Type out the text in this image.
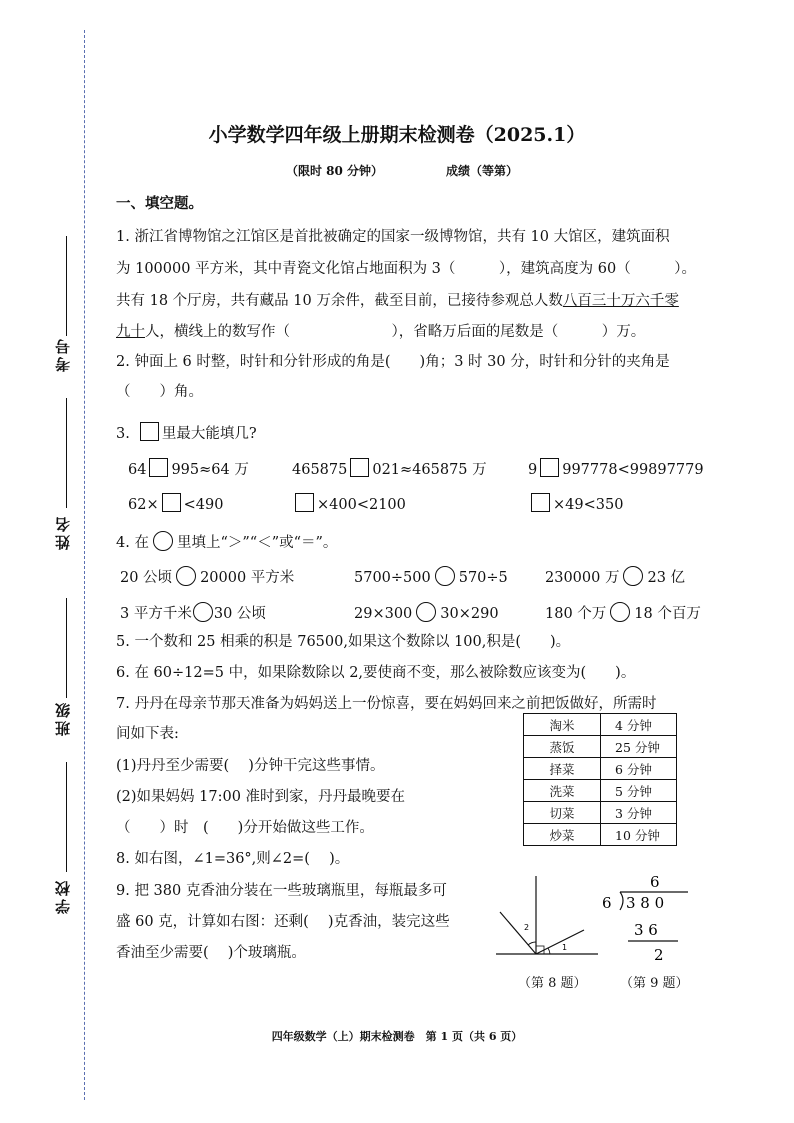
考号
姓名
班级
学校
小学数学四年级上册期末检测卷（2025.1）
（限时 80 分钟）	成绩（等第）
一、填空题。
1. 浙江省博物馆之江馆区是首批被确定的国家一级博物馆，共有 10 大馆区，建筑面积
为 100000 平方米，其中青瓷文化馆占地面积为 3（　　　），建筑高度为 60（　　　）。
共有 18 个厅房，共有藏品 10 万余件，截至目前，已接待参观总人数八百三十万六千零
九十人，横线上的数写作（　　　　　　　），省略万后面的尾数是（　　　）万。
2. 钟面上 6 时整，时针和分针形成的角是(　　)角；3 时 30 分，时针和分针的夹角是
（　　）角。
3. 里最大能填几?
64 995≈64 万	465875 021≈465875 万	9 997778<99897779
62× <490	×400<2100	×49<350
4. 在 里填上“＞”“＜”或“＝”。
20 公顷 20000 平方米	5700÷500 570÷5	230000 万 23 亿
3 平方千米 30 公顷	29×300 30×290	180 个万 18 个百万
5. 一个数和 25 相乘的积是 76500,如果这个数除以 100,积是(　　)。
6. 在 60÷12=5 中，如果除数除以 2,要使商不变，那么被除数应该变为(　　)。
7. 丹丹在母亲节那天准备为妈妈送上一份惊喜，要在妈妈回来之前把饭做好，所需时
间如下表:
(1)丹丹至少需要(　 )分钟干完这些事情。
(2)如果妈妈 17:00 准时到家，丹丹最晚要在
（　　）时　(　　)分开始做这些工作。
淘米	4 分钟
蒸饭	25 分钟
择菜	6 分钟
洗菜	5 分钟
切菜	3 分钟
炒菜	10 分钟
8. 如右图，∠1=36°,则∠2=(　 )。
9. 把 380 克香油分装在一些玻璃瓶里，每瓶最多可
盛 60 克，计算如右图：还剩(　 )克香油，装完这些
香油至少需要(　 )个玻璃瓶。
2
1
（第 8 题）
6
6 3 8 0
3 6
2
（第 9 题）
四年级数学（上）期末检测卷　第 1 页（共 6 页）
